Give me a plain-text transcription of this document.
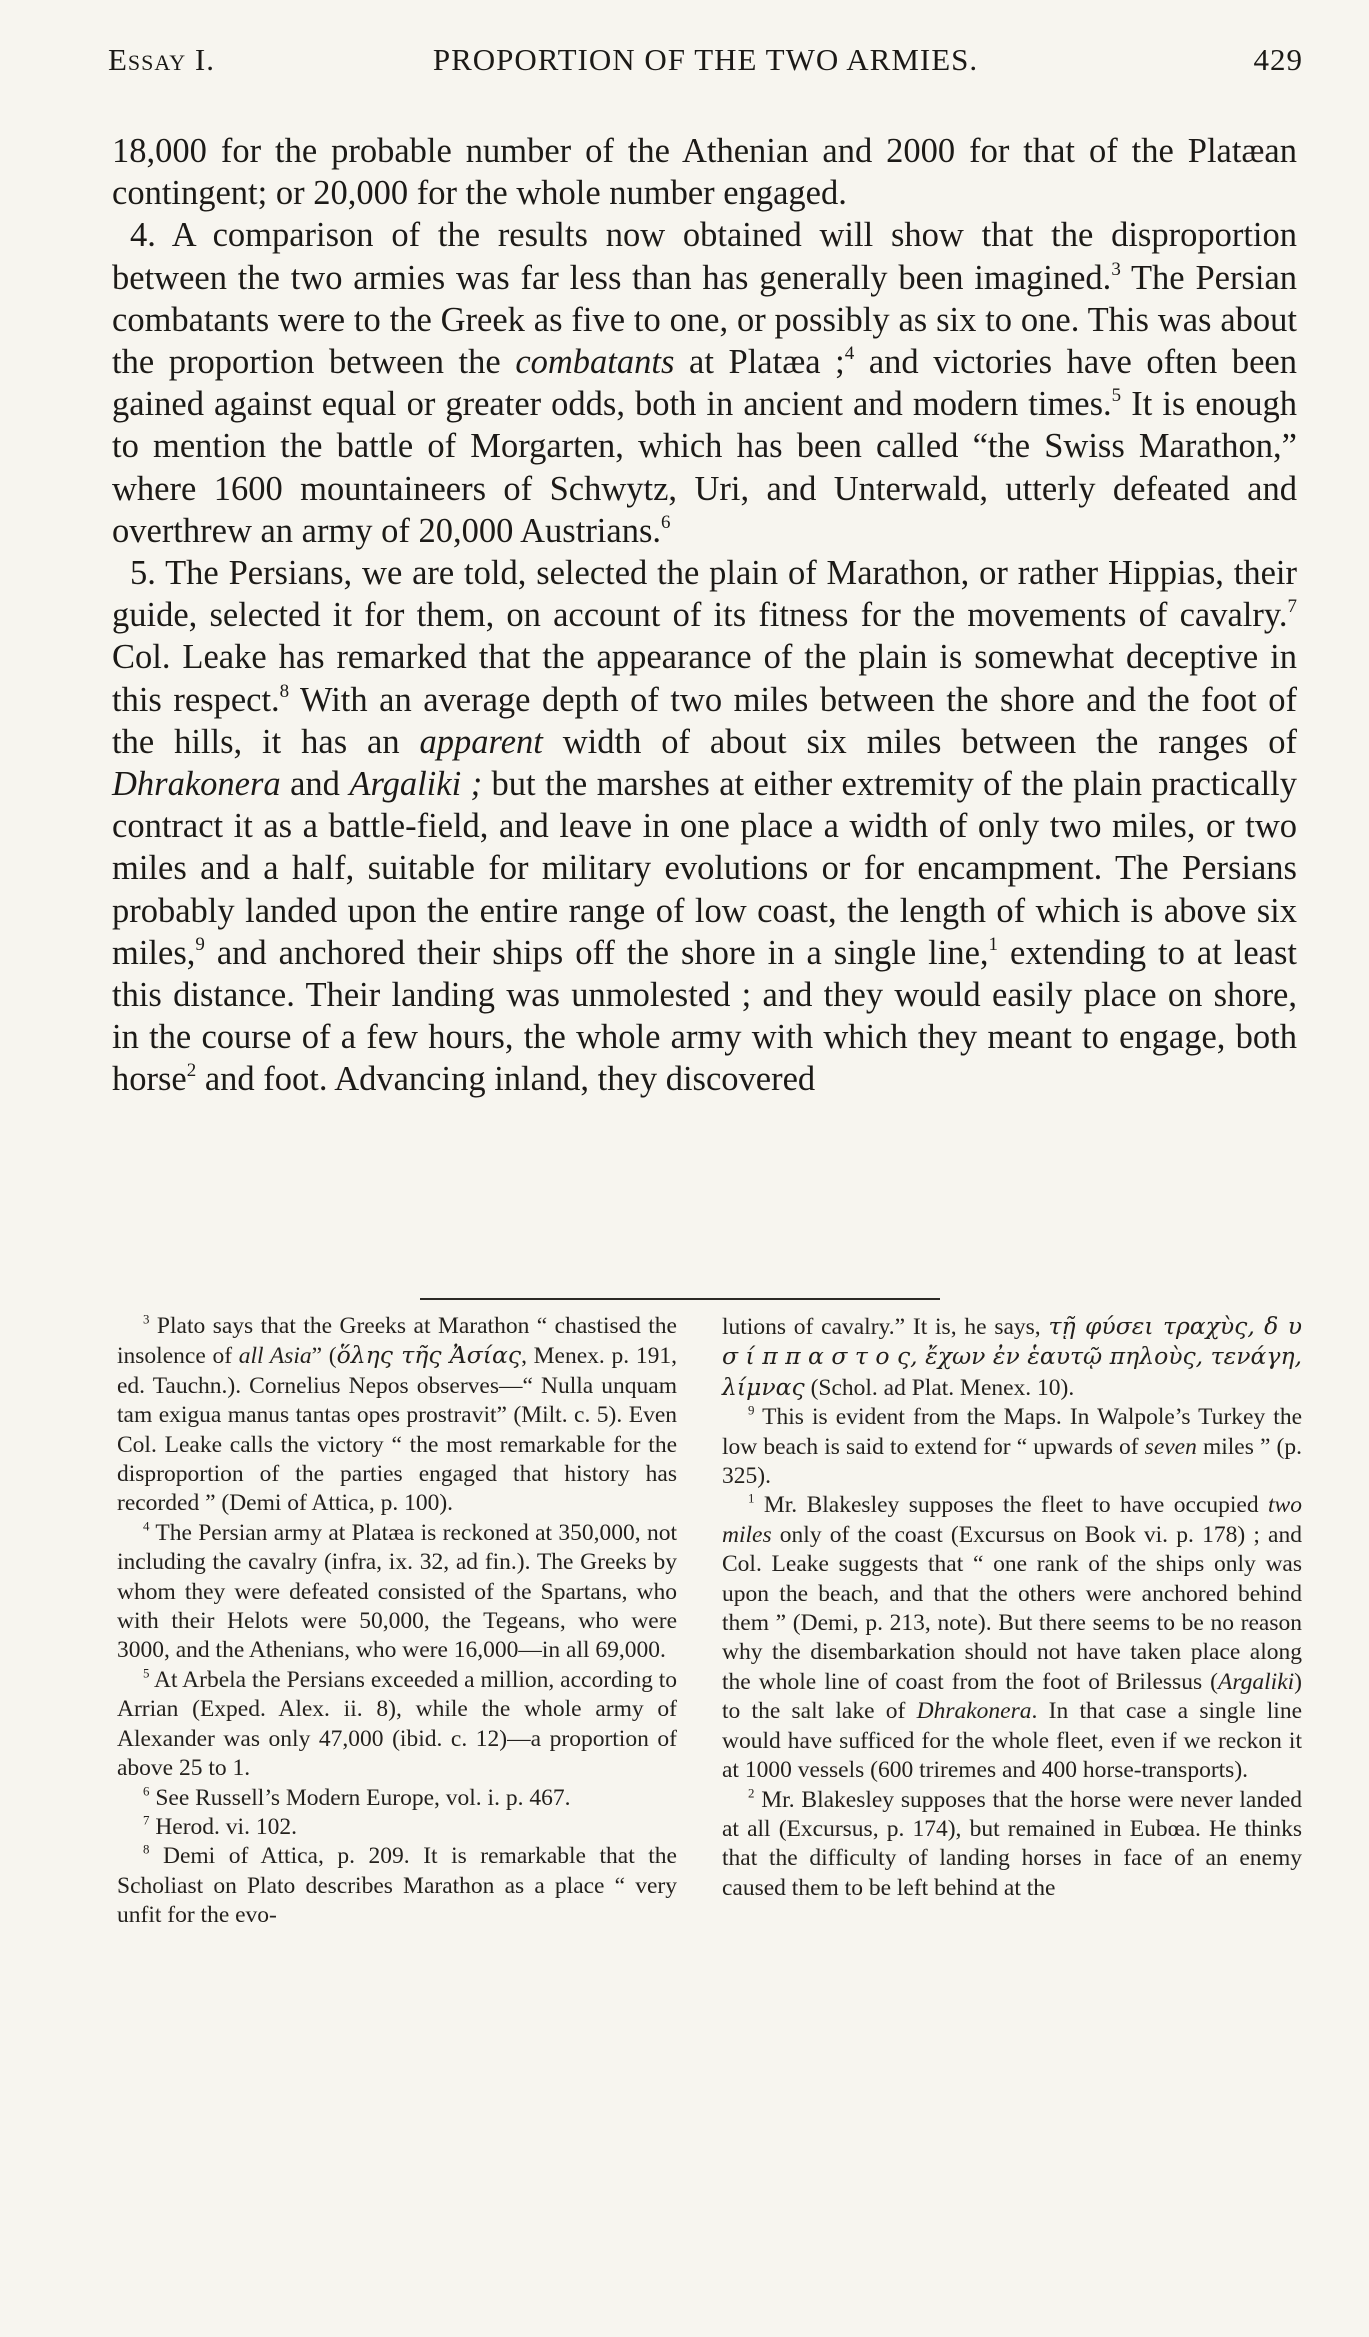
Essay I.	PROPORTION OF THE TWO ARMIES.	429

18,000 for the probable number of the Athenian and 2000 for that of the Platæan contingent; or 20,000 for the whole number engaged.

4. A comparison of the results now obtained will show that the disproportion between the two armies was far less than has generally been imagined.$^3$ The Persian combatants were to the Greek as five to one, or possibly as six to one. This was about the proportion between the combatants at Platæa ;$^4$ and victories have often been gained against equal or greater odds, both in ancient and modern times.$^5$ It is enough to mention the battle of Morgarten, which has been called “the Swiss Marathon,” where 1600 mountaineers of Schwytz, Uri, and Unterwald, utterly defeated and overthrew an army of 20,000 Austrians.$^6$

5. The Persians, we are told, selected the plain of Marathon, or rather Hippias, their guide, selected it for them, on account of its fitness for the movements of cavalry.$^7$ Col. Leake has remarked that the appearance of the plain is somewhat deceptive in this respect.$^8$ With an average depth of two miles between the shore and the foot of the hills, it has an apparent width of about six miles between the ranges of Dhrakonera and Argaliki ; but the marshes at either extremity of the plain practically contract it as a battle-field, and leave in one place a width of only two miles, or two miles and a half, suitable for military evolutions or for encampment. The Persians probably landed upon the entire range of low coast, the length of which is above six miles,$^9$ and anchored their ships off the shore in a single line,$^1$ extending to at least this distance. Their landing was unmolested ; and they would easily place on shore, in the course of a few hours, the whole army with which they meant to engage, both horse$^2$ and foot. Advancing inland, they discovered

$^3$ Plato says that the Greeks at Marathon “ chastised the insolence of all Asia” (ὅλης τῆς Ἀσίας, Menex. p. 191, ed. Tauchn.). Cornelius Nepos observes—“ Nulla unquam tam exigua manus tantas opes prostravit” (Milt. c. 5). Even Col. Leake calls the victory “ the most remarkable for the disproportion of the parties engaged that history has recorded ” (Demi of Attica, p. 100).

$^4$ The Persian army at Platæa is reckoned at 350,000, not including the cavalry (infra, ix. 32, ad fin.). The Greeks by whom they were defeated consisted of the Spartans, who with their Helots were 50,000, the Tegeans, who were 3000, and the Athenians, who were 16,000—in all 69,000.

$^5$ At Arbela the Persians exceeded a million, according to Arrian (Exped. Alex. ii. 8), while the whole army of Alexander was only 47,000 (ibid. c. 12)—a proportion of above 25 to 1.

$^6$ See Russell’s Modern Europe, vol. i. p. 467.

$^7$ Herod. vi. 102.

$^8$ Demi of Attica, p. 209. It is remarkable that the Scholiast on Plato describes Marathon as a place “ very unfit for the evo-

lutions of cavalry.” It is, he says, τῇ φύσει τραχὺς, δ υ σ ί π π α σ τ ο ς, ἔχων ἐν ἑαυτῷ πηλοὺς, τενάγη, λίμνας (Schol. ad Plat. Menex. 10).

$^9$ This is evident from the Maps. In Walpole’s Turkey the low beach is said to extend for “ upwards of seven miles ” (p. 325).

$^1$ Mr. Blakesley supposes the fleet to have occupied two miles only of the coast (Excursus on Book vi. p. 178) ; and Col. Leake suggests that “ one rank of the ships only was upon the beach, and that the others were anchored behind them ” (Demi, p. 213, note). But there seems to be no reason why the disembarkation should not have taken place along the whole line of coast from the foot of Brilessus (Argaliki) to the salt lake of Dhrakonera. In that case a single line would have sufficed for the whole fleet, even if we reckon it at 1000 vessels (600 triremes and 400 horse-transports).

$^2$ Mr. Blakesley supposes that the horse were never landed at all (Excursus, p. 174), but remained in Eubœa. He thinks that the difficulty of landing horses in face of an enemy caused them to be left behind at the
